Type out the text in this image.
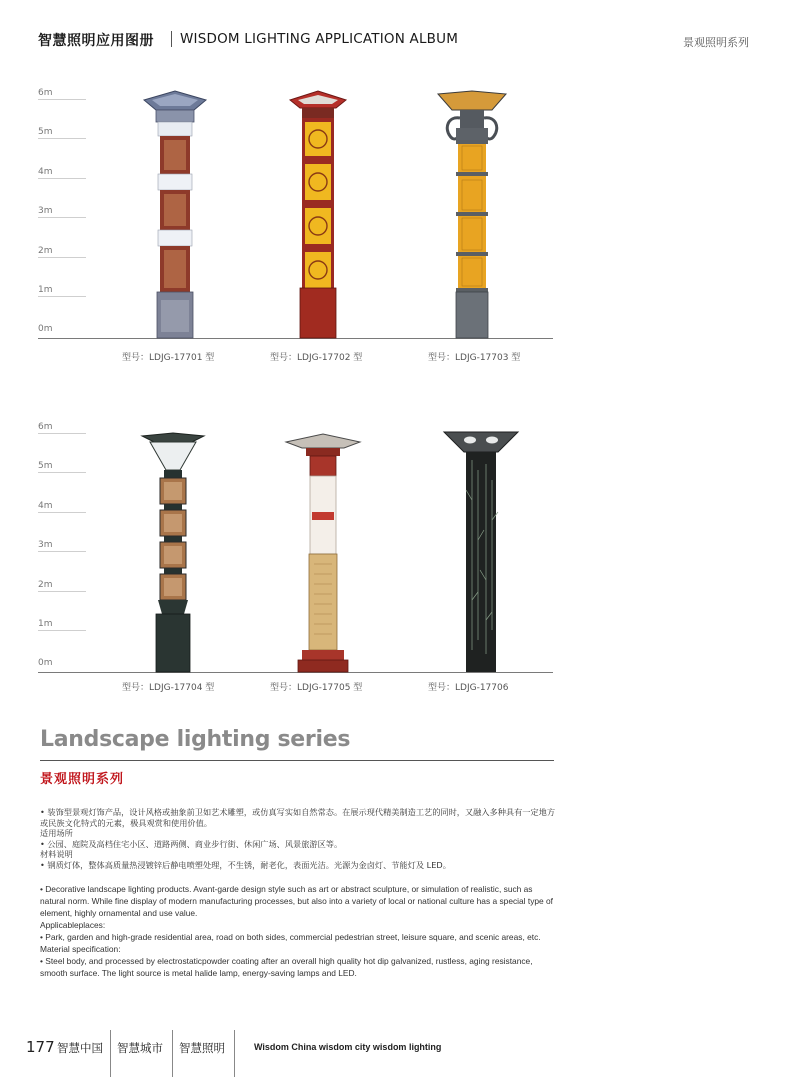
智慧照明应用图册 WISDOM LIGHTING APPLICATION ALBUM	景观照明系列
6m
5m
4m
3m
2m
1m
0m
型号：LDJG-17701 型	型号：LDJG-17702 型	型号：LDJG-17703 型
6m
5m
4m
3m
2m
1m
0m
型号：LDJG-17704 型	型号：LDJG-17705 型	型号：LDJG-17706
Landscape lighting series
景观照明系列

• 装饰型景观灯饰产品，设计风格或抽象前卫如艺术雕塑，或仿真写实如自然常态。在展示现代精美制造工艺的同时，又融入多种具有一定地方或民族文化特式的元素，极具观赏和使用价值。

适用场所

• 公园、庭院及高档住宅小区、道路两侧、商业步行街、休闲广场、风景旅游区等。

材料说明

• 钢质灯体，整体高质量热浸镀锌后静电喷塑处理，不生锈，耐老化，表面光洁。光源为金卤灯、节能灯及 LED。

• Decorative landscape lighting products. Avant-garde design style such as art or abstract sculpture, or simulation of realistic, such as natural norm. While fine display of modern manufacturing processes, but also into a variety of local or national culture has a special type of element, highly ornamental and use value.

Applicableplaces:

• Park, garden and high-grade residential area, road on both sides, commercial pedestrian street, leisure square, and scenic areas, etc.

Material specification:

• Steel body, and processed by electrostaticpowder coating after an overall high quality hot dip galvanized, rustless, aging resistance, smooth surface. The light source is metal halide lamp, energy-saving lamps and LED.

177 智慧中国 智慧城市 智慧照明	Wisdom China wisdom city wisdom lighting
